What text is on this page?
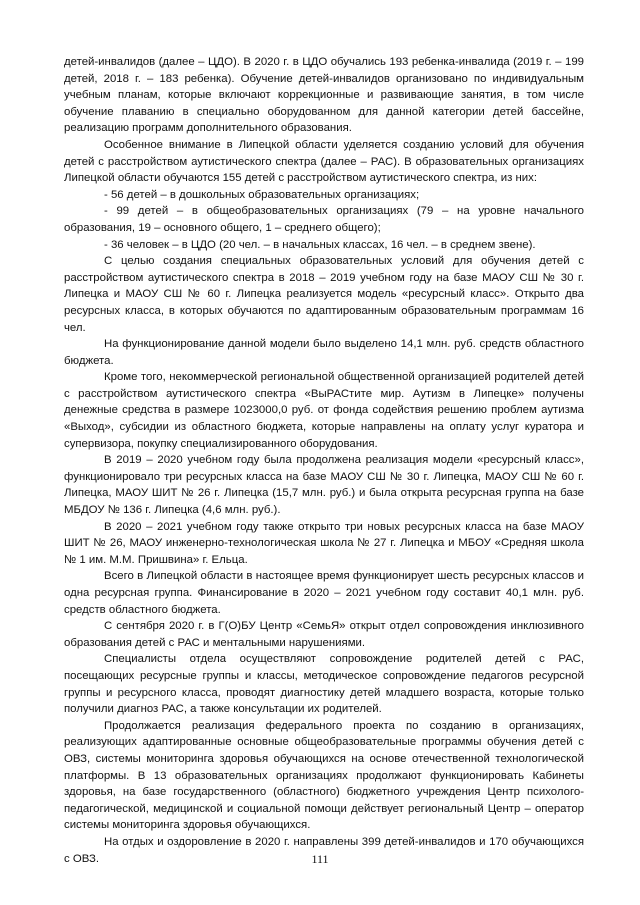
детей-инвалидов (далее – ЦДО). В 2020 г. в ЦДО обучались 193 ребенка-инвалида (2019 г. – 199 детей, 2018 г. – 183 ребенка). Обучение детей-инвалидов организовано по индивидуальным учебным планам, которые включают коррекционные и развивающие занятия, в том числе обучение плаванию в специально оборудованном для данной категории детей бассейне, реализацию программ дополнительного образования.

Особенное внимание в Липецкой области уделяется созданию условий для обучения детей с расстройством аутистического спектра (далее – РАС). В образовательных организациях Липецкой области обучаются 155 детей с расстройством аутистического спектра, из них:

- 56 детей – в дошкольных образовательных организациях;

- 99 детей – в общеобразовательных организациях (79 – на уровне начального образования, 19 – основного общего, 1 – среднего общего);

- 36 человек – в ЦДО (20 чел. – в начальных классах, 16 чел. – в среднем звене).

С целью создания специальных образовательных условий для обучения детей с расстройством аутистического спектра в 2018 – 2019 учебном году на базе МАОУ СШ № 30 г. Липецка и МАОУ СШ № 60 г. Липецка реализуется модель «ресурсный класс». Открыто два ресурсных класса, в которых обучаются по адаптированным образовательным программам 16 чел.

На функционирование данной модели было выделено 14,1 млн. руб. средств областного бюджета.

Кроме того, некоммерческой региональной общественной организацией родителей детей с расстройством аутистического спектра «ВыРАСтите мир. Аутизм в Липецке» получены денежные средства в размере 1023000,0 руб. от фонда содействия решению проблем аутизма «Выход», субсидии из областного бюджета, которые направлены на оплату услуг куратора и супервизора, покупку специализированного оборудования.

В 2019 – 2020 учебном году была продолжена реализация модели «ресурсный класс», функционировало три ресурсных класса на базе МАОУ СШ № 30 г. Липецка, МАОУ СШ № 60 г. Липецка, МАОУ ШИТ № 26 г. Липецка (15,7 млн. руб.) и была открыта ресурсная группа на базе МБДОУ № 136 г. Липецка (4,6 млн. руб.).

В 2020 – 2021 учебном году также открыто три новых ресурсных класса на базе МАОУ ШИТ № 26, МАОУ инженерно-технологическая школа № 27 г. Липецка и МБОУ «Средняя школа № 1 им. М.М. Пришвина» г. Ельца.

Всего в Липецкой области в настоящее время функционирует шесть ресурсных классов и одна ресурсная группа. Финансирование в 2020 – 2021 учебном году составит 40,1 млн. руб. средств областного бюджета.

С сентября 2020 г. в Г(О)БУ Центр «СемьЯ» открыт отдел сопровождения инклюзивного образования детей с РАС и ментальными нарушениями.

Специалисты отдела осуществляют сопровождение родителей детей с РАС, посещающих ресурсные группы и классы, методическое сопровождение педагогов ресурсной группы и ресурсного класса, проводят диагностику детей младшего возраста, которые только получили диагноз РАС, а также консультации их родителей.

Продолжается реализация федерального проекта по созданию в организациях, реализующих адаптированные основные общеобразовательные программы обучения детей с ОВЗ, системы мониторинга здоровья обучающихся на основе отечественной технологической платформы. В 13 образовательных организациях продолжают функционировать Кабинеты здоровья, на базе государственного (областного) бюджетного учреждения Центр психолого-педагогической, медицинской и социальной помощи действует региональный Центр – оператор системы мониторинга здоровья обучающихся.

На отдых и оздоровление в 2020 г. направлены 399 детей-инвалидов и 170 обучающихся с ОВЗ.	111
